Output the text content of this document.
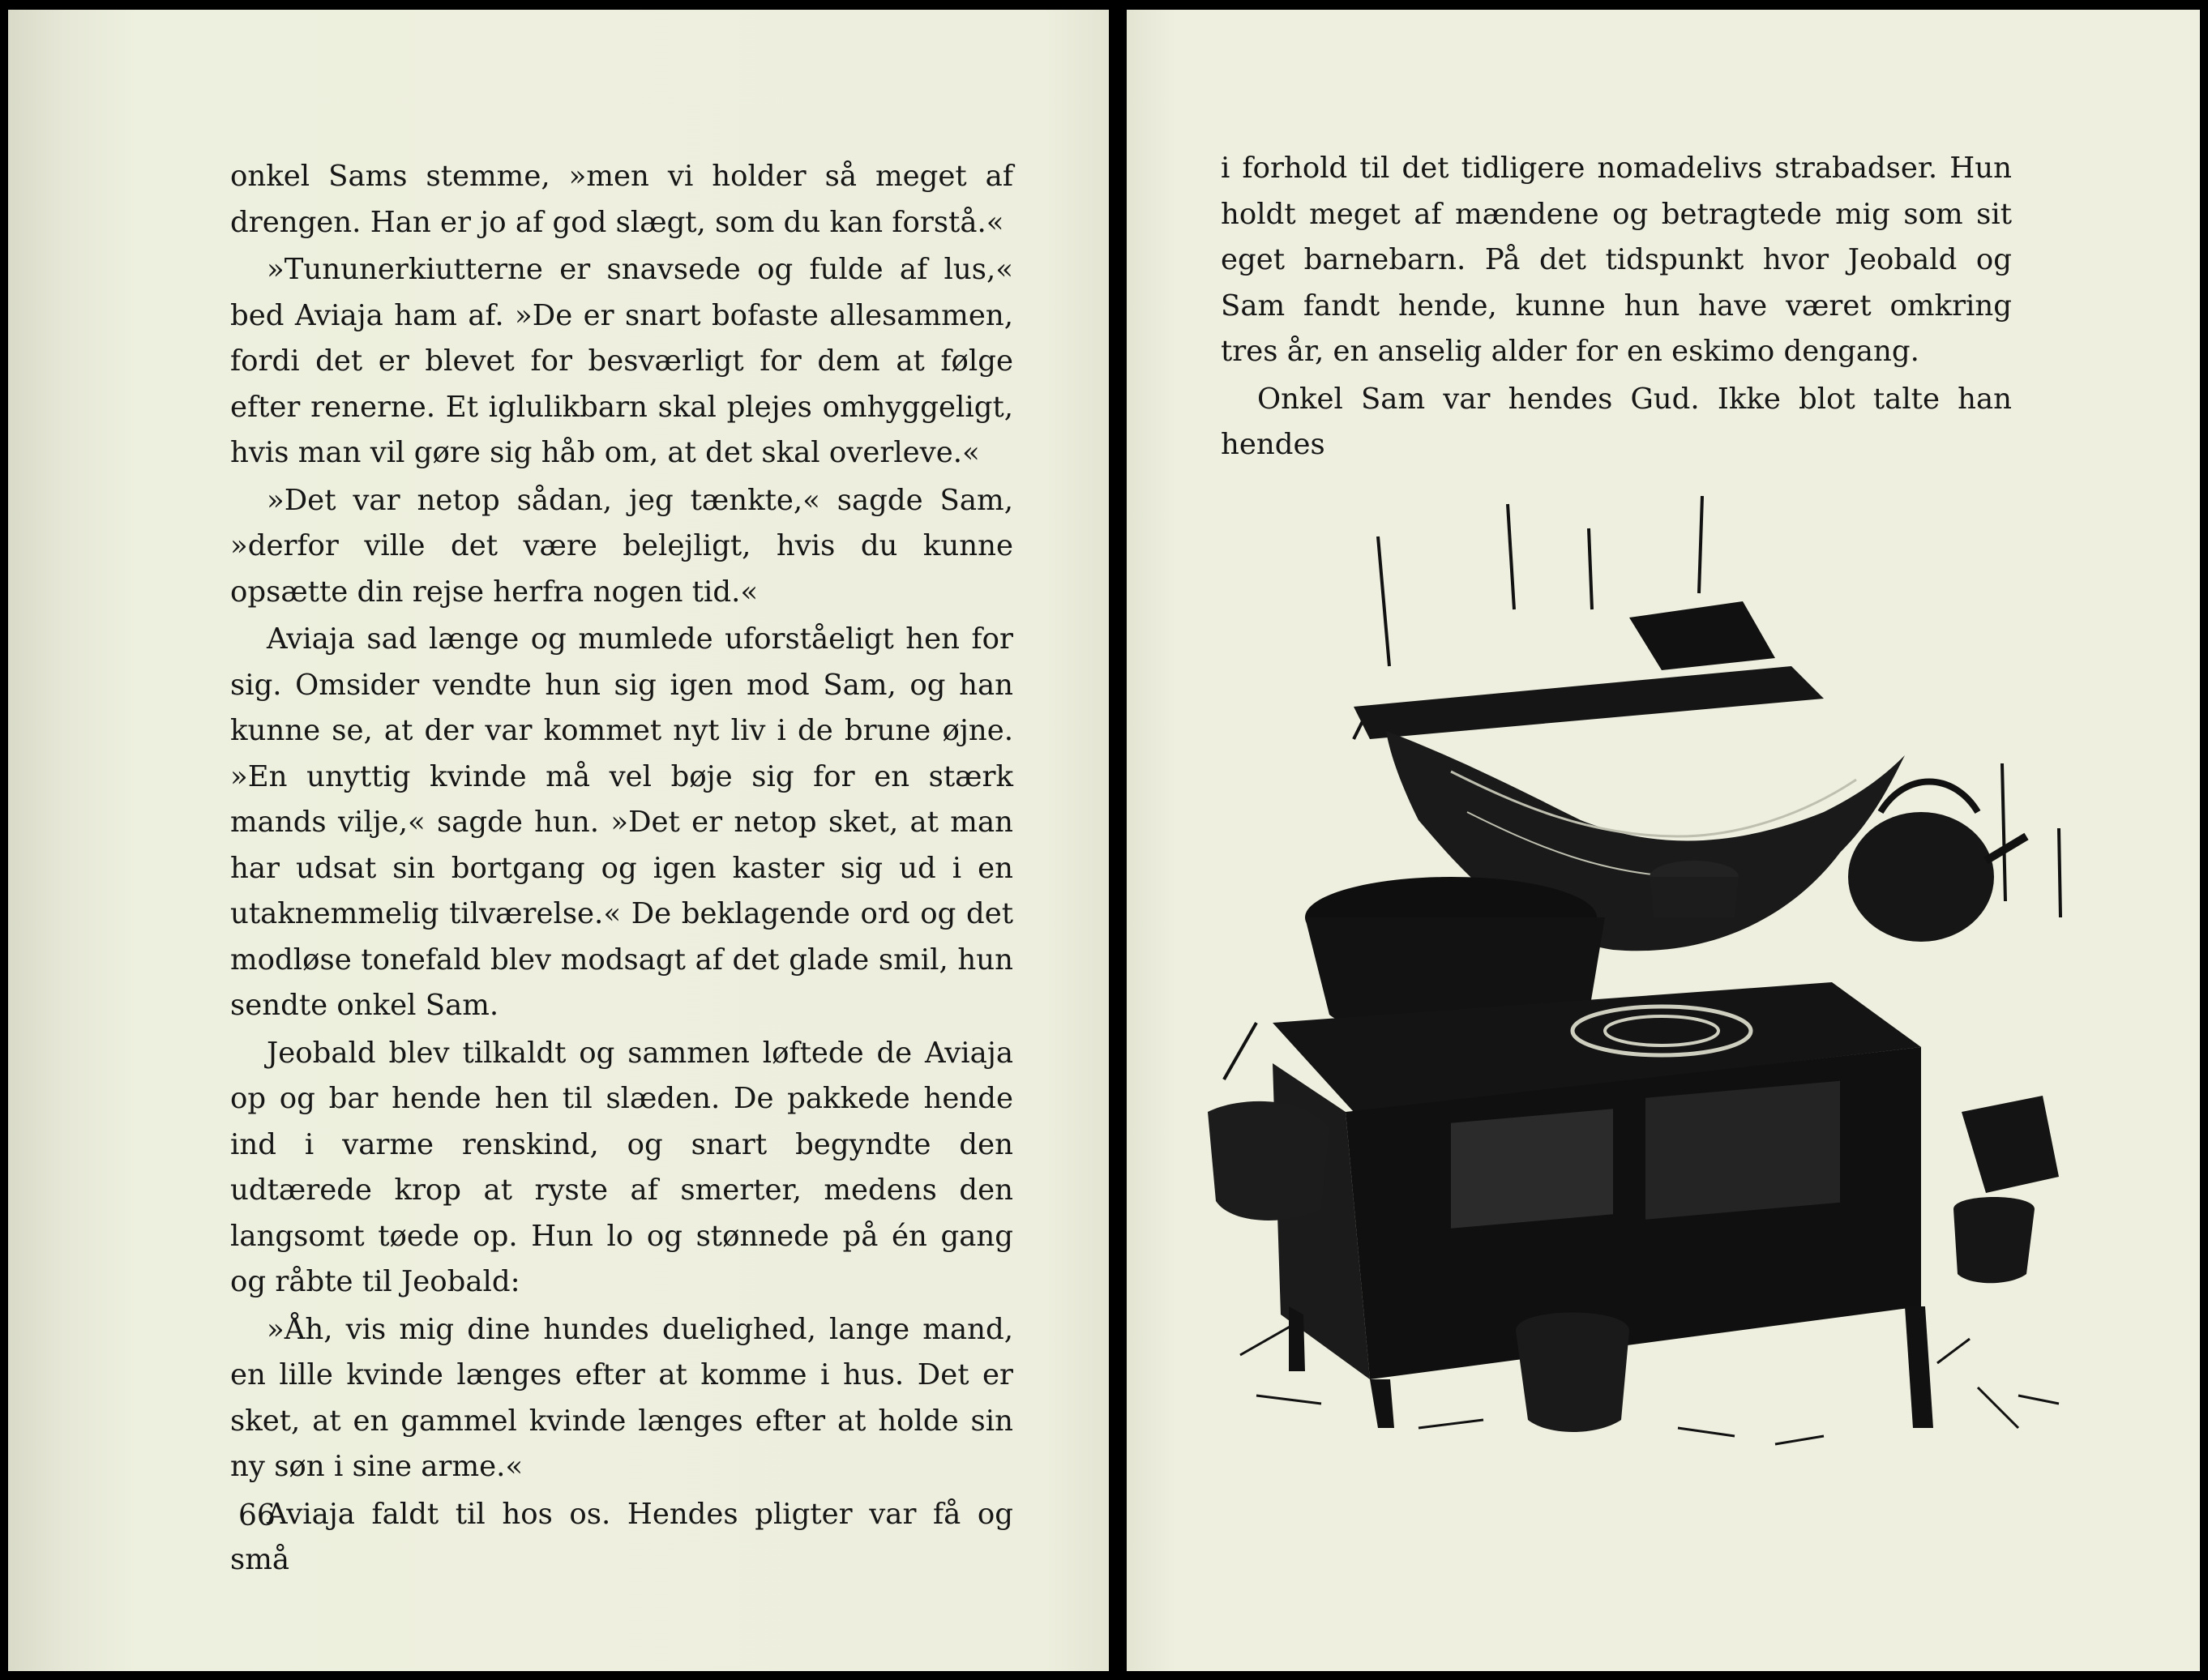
onkel Sams stemme, »men vi holder så meget af drengen. Han er jo af god slægt, som du kan forstå.«

»Tununerkiutterne er snavsede og fulde af lus,« bed Aviaja ham af. »De er snart bofaste allesammen, fordi det er blevet for besværligt for dem at følge efter renerne. Et iglulikbarn skal plejes omhyggeligt, hvis man vil gøre sig håb om, at det skal overleve.«

»Det var netop sådan, jeg tænkte,« sagde Sam, »derfor ville det være belejligt, hvis du kunne opsætte din rejse herfra nogen tid.«

Aviaja sad længe og mumlede uforståeligt hen for sig. Omsider vendte hun sig igen mod Sam, og han kunne se, at der var kommet nyt liv i de brune øjne. »En unyttig kvinde må vel bøje sig for en stærk mands vilje,« sagde hun. »Det er netop sket, at man har udsat sin bortgang og igen kaster sig ud i en utaknemmelig tilværelse.« De beklagende ord og det modløse tonefald blev modsagt af det glade smil, hun sendte onkel Sam.

Jeobald blev tilkaldt og sammen løftede de Aviaja op og bar hende hen til slæden. De pakkede hende ind i varme renskind, og snart begyndte den udtærede krop at ryste af smerter, medens den langsomt tøede op. Hun lo og stønnede på én gang og råbte til Jeobald:

»Åh, vis mig dine hundes duelighed, lange mand, en lille kvinde længes efter at komme i hus. Det er sket, at en gammel kvinde længes efter at holde sin ny søn i sine arme.«

Aviaja faldt til hos os. Hendes pligter var få og små

66

i forhold til det tidligere nomadelivs strabadser. Hun holdt meget af mændene og betragtede mig som sit eget barnebarn. På det tidspunkt hvor Jeobald og Sam fandt hende, kunne hun have været omkring tres år, en anselig alder for en eskimo dengang.

Onkel Sam var hendes Gud. Ikke blot talte han hendes
